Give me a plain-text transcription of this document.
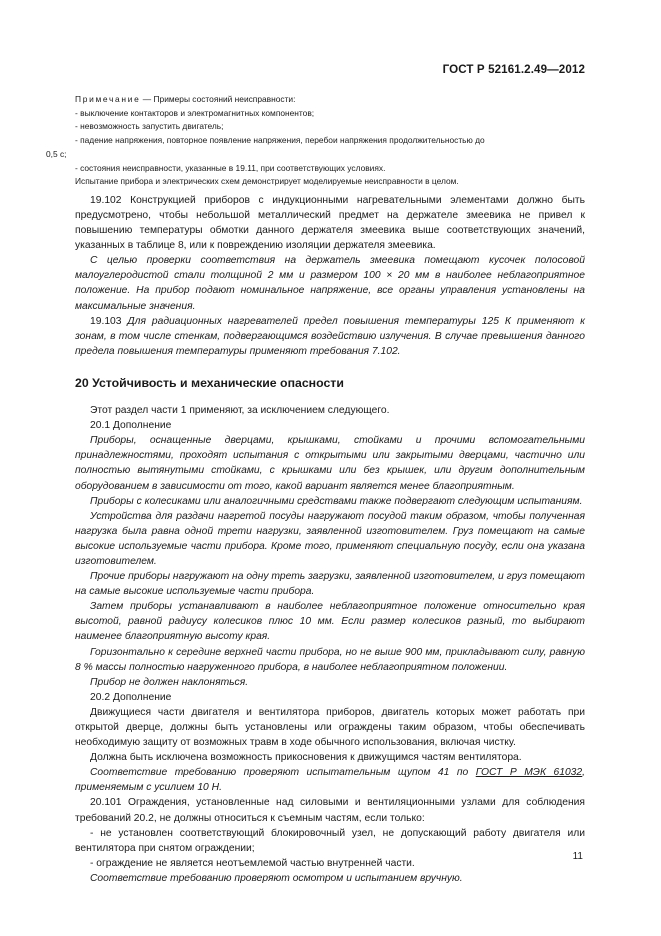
ГОСТ Р 52161.2.49—2012
Примечание — Примеры состояний неисправности:
- выключение контакторов и электромагнитных компонентов;
- невозможность запустить двигатель;
- падение напряжения, повторное появление напряжения, перебои напряжения продолжительностью до
0,5 с;
- состояния неисправности, указанные в 19.11, при соответствующих условиях.
Испытание прибора и электрических схем демонстрирует моделируемые неисправности в целом.
19.102 Конструкцией приборов с индукционными нагревательными элементами должно быть предусмотрено, чтобы небольшой металлический предмет на держателе змеевика не привел к повышению температуры обмотки данного держателя змеевика выше соответствующих значений, указанных в таблице 8, или к повреждению изоляции держателя змеевика.
С целью проверки соответствия на держатель змеевика помещают кусочек полосовой малоуглеродистой стали толщиной 2 мм и размером 100 × 20 мм в наиболее неблагоприятное положение. На прибор подают номинальное напряжение, все органы управления установлены на максимальные значения.
19.103 Для радиационных нагревателей предел повышения температуры 125 К применяют к зонам, в том числе стенкам, подвергающимся воздействию излучения. В случае превышения данного предела повышения температуры применяют требования 7.102.
20 Устойчивость и механические опасности
Этот раздел части 1 применяют, за исключением следующего.
20.1 Дополнение
Приборы, оснащенные дверцами, крышками, стойками и прочими вспомогательными принадлежностями, проходят испытания с открытыми или закрытыми дверцами, частично или полностью вытянутыми стойками, с крышками или без крышек, или другим дополнительным оборудованием в зависимости от того, какой вариант является менее благоприятным.
Приборы с колесиками или аналогичными средствами также подвергают следующим испытаниям.
Устройства для раздачи нагретой посуды нагружают посудой таким образом, чтобы полученная нагрузка была равна одной трети нагрузки, заявленной изготовителем. Груз помещают на самые высокие используемые части прибора. Кроме того, применяют специальную посуду, если она указана изготовителем.
Прочие приборы нагружают на одну треть загрузки, заявленной изготовителем, и груз помещают на самые высокие используемые части прибора.
Затем приборы устанавливают в наиболее неблагоприятное положение относительно края высотой, равной радиусу колесиков плюс 10 мм. Если размер колесиков разный, то выбирают наименее благоприятную высоту края.
Горизонтально к середине верхней части прибора, но не выше 900 мм, прикладывают силу, равную 8 % массы полностью нагруженного прибора, в наиболее неблагоприятном положении.
Прибор не должен наклоняться.
20.2 Дополнение
Движущиеся части двигателя и вентилятора приборов, двигатель которых может работать при открытой дверце, должны быть установлены или ограждены таким образом, чтобы обеспечивать необходимую защиту от возможных травм в ходе обычного использования, включая чистку.
Должна быть исключена возможность прикосновения к движущимся частям вентилятора.
Соответствие требованию проверяют испытательным щупом 41 по ГОСТ Р МЭК 61032, применяемым с усилием 10 Н.
20.101 Ограждения, установленные над силовыми и вентиляционными узлами для соблюдения требований 20.2, не должны относиться к съемным частям, если только:
- не установлен соответствующий блокировочный узел, не допускающий работу двигателя или вентилятора при снятом ограждении;
- ограждение не является неотъемлемой частью внутренней части.
Соответствие требованию проверяют осмотром и испытанием вручную.
11
